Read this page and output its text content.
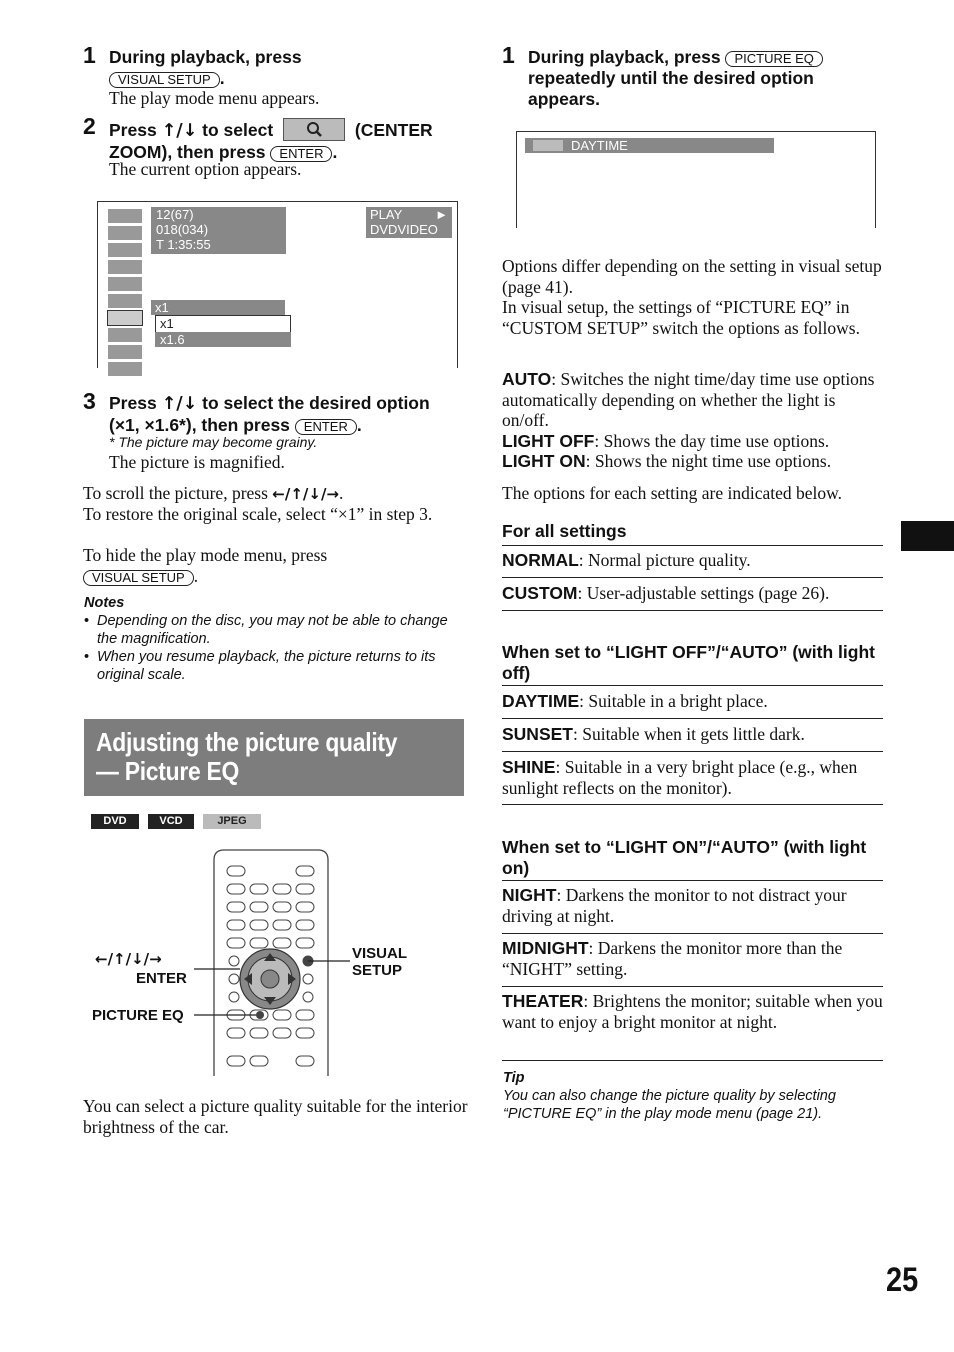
1 During playback, press
VISUAL SETUP .
The play mode menu appears.
2 Press ↑/↓ to select	(CENTER
ZOOM), then press ENTER .
The current option appears.
12(67)
018(034)
T 1:35:55
PLAY	►
DVDVIDEO
x1
x1
x1.6
3 Press ↑/↓ to select the desired option
(×1, ×1.6*), then press ENTER .
* The picture may become grainy.
The picture is magnified.
To scroll the picture, press ←/↑/↓/→.
To restore the original scale, select “×1” in step 3.
To hide the play mode menu, press
VISUAL SETUP .
Notes
• Depending on the disc, you may not be able to change the magnification.
• When you resume playback, the picture returns to its original scale.
Adjusting the picture quality
— Picture EQ
DVD	VCD	JPEG
←/↑/↓/→
ENTER
VISUAL
SETUP
PICTURE EQ
You can select a picture quality suitable for the interior brightness of the car.
1 During playback, press PICTURE EQ
repeatedly until the desired option
appears.
DAYTIME
Options differ depending on the setting in visual setup (page 41).
In visual setup, the settings of “PICTURE EQ” in “CUSTOM SETUP” switch the options as follows.
AUTO: Switches the night time/day time use options automatically depending on whether the light is on/off.
LIGHT OFF: Shows the day time use options.
LIGHT ON: Shows the night time use options.
The options for each setting are indicated below.
For all settings
NORMAL: Normal picture quality.
CUSTOM: User-adjustable settings (page 26).
When set to “LIGHT OFF”/“AUTO” (with light off)
DAYTIME: Suitable in a bright place.
SUNSET: Suitable when it gets little dark.
SHINE: Suitable in a very bright place (e.g., when sunlight reflects on the monitor).
When set to “LIGHT ON”/“AUTO” (with light on)
NIGHT: Darkens the monitor to not distract your driving at night.
MIDNIGHT: Darkens the monitor more than the “NIGHT” setting.
THEATER: Brightens the monitor; suitable when you want to enjoy a bright monitor at night.
Tip
You can also change the picture quality by selecting “PICTURE EQ” in the play mode menu (page 21).
25
